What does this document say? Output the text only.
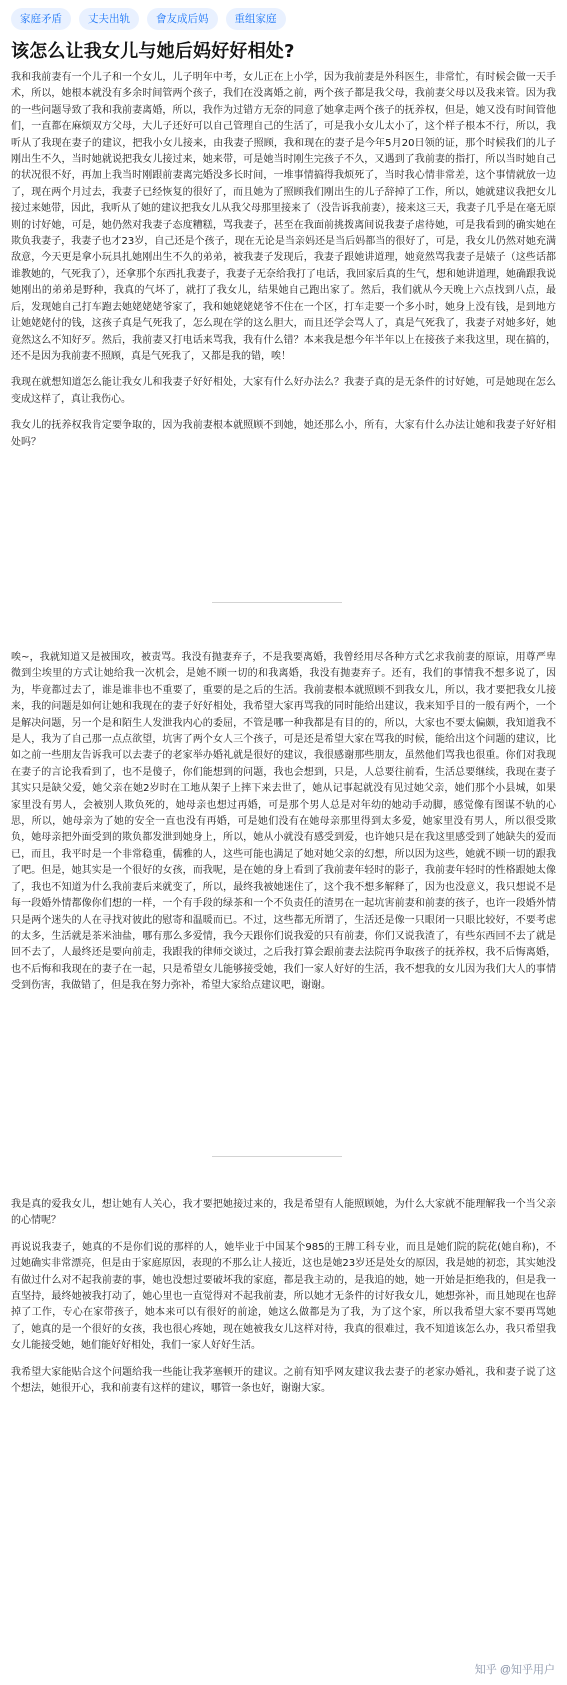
家庭矛盾	丈夫出轨	會友成后妈	重组家庭
该怎么让我女儿与她后妈好好相处?

我和我前妻有一个儿子和一个女儿，儿子明年中考，女儿正在上小学，因为我前妻是外科医生，非常忙，有时候会做一天手术，所以，她根本就没有多余时间管两个孩子，我们在没离婚之前，两个孩子都是我父母，我前妻父母以及我来管。因为我的一些问题导致了我和我前妻离婚，所以，我作为过错方无奈的同意了她拿走两个孩子的抚养权，但是，她又没有时间管他们，一直都在麻烦双方父母，大儿子还好可以自己管理自己的生活了，可是我小女儿太小了，这个样子根本不行，所以，我听从了我现在妻子的建议，把我小女儿接来，由我妻子照顾，我和现在的妻子是今年5月20日领的证，那个时候我们的儿子刚出生不久，当时她就说把我女儿接过来，她来带，可是她当时刚生完孩子不久，又遇到了我前妻的指打，所以当时她自己的状况很不好，再加上我当时刚跟前妻离完婚没多长时间，一堆事情搞得我烦死了，当时我心情非常差，这个事情就放一边了，现在两个月过去，我妻子已经恢复的很好了，而且她为了照顾我们刚出生的儿子辞掉了工作，所以，她就建议我把女儿接过来她带，因此，我听从了她的建议把我女儿从我父母那里接来了（没告诉我前妻），接来这三天，我妻子几乎是在毫无原则的讨好她，可是，她仍然对我妻子态度糟糕，骂我妻子，甚至在我面前挑拨离间说我妻子虐待她，可是我看到的确实她在欺负我妻子，我妻子也才23岁，自己还是个孩子，现在无论是当亲妈还是当后妈都当的很好了，可是，我女儿仍然对她充满敌意，今天更是拿小玩具扎她刚出生不久的弟弟，被我妻子发现后，我妻子跟她讲道理，她竟然骂我妻子是婊子（这些话都谁教她的，气死我了），还拿那个东西扎我妻子，我妻子无奈给我打了电话，我回家后真的生气，想和她讲道理，她确跟我说她刚出的弟弟是野种，我真的气坏了，就打了我女儿，结果她自己跑出家了。然后，我们就从今天晚上六点找到八点，最后，发现她自己打车跑去她姥姥姥爷家了，我和她姥姥姥爷不住在一个区，打车走要一个多小时，她身上没有钱，是到地方让她姥姥付的钱，这孩子真是气死我了，怎么现在学的这么胆大，而且还学会骂人了，真是气死我了，我妻子对她多好，她竟然这么不知好歹。然后，我前妻又打电话来骂我，我有什么错？本来我是想今年半年以上在接孩子来我这里，现在搞的，还不是因为我前妻不照顾，真是气死我了，又都是我的错，唉！

我现在就想知道怎么能让我女儿和我妻子好好相处，大家有什么好办法么？我妻子真的是无条件的讨好她，可是她现在怎么变成这样了，真让我伤心。

我女儿的抚养权我肯定要争取的，因为我前妻根本就照顾不到她，她还那么小，所有，大家有什么办法让她和我妻子好好相处吗？

唉~，我就知道又是被围攻，被责骂。我没有抛妻弃子，不是我要离婚，我曾经用尽各种方式乞求我前妻的原谅，用尊严卑微到尘埃里的方式让她给我一次机会，是她不顾一切的和我离婚，我没有抛妻弃子。还有，我们的事情我不想多说了，因为，毕竟都过去了，谁是谁非也不重要了，重要的是之后的生活。我前妻根本就照顾不到我女儿，所以，我才要把我女儿接来，我的问题是如何让她和我现在的妻子好好相处，我希望大家再骂我的同时能给出建议，我来知乎目的一般有两个，一个是解决问题，另一个是和陌生人发泄我内心的委屈，不管是哪一种我都是有目的的，所以，大家也不要太偏颇，我知道我不是人，我为了自己那一点点欲望，坑害了两个女人三个孩子，可是还是希望大家在骂我的时候，能给出这个问题的建议，比如之前一些朋友告诉我可以去妻子的老家举办婚礼就是很好的建议，我很感谢那些朋友，虽然他们骂我也很重。你们对我现在妻子的言论我看到了，也不是傻子，你们能想到的问题，我也会想到，只是，人总要往前看，生活总要继续，我现在妻子其实只是缺父爱，她父亲在她2岁时在工地从架子上摔下来去世了，她从记事起就没有见过她父亲，她们那个小县城，如果家里没有男人，会被别人欺负死的，她母亲也想过再婚，可是那个男人总是对年幼的她动手动脚，感觉像有图谋不轨的心思，所以，她母亲为了她的安全一直也没有再婚，可是她们没有在她母亲那里得到太多爱，她家里没有男人，所以很受欺负，她母亲把外面受到的欺负都发泄到她身上，所以，她从小就没有感受到爱，也许她只是在我这里感受到了她缺失的爱而已，而且，我平时是一个非常稳重，儒雅的人，这些可能也满足了她对她父亲的幻想，所以因为这些，她就不顾一切的跟我了吧。但是，她其实是一个很好的女孩，而我呢，是在她的身上看到了我前妻年轻时的影子，我前妻年轻时的性格跟她太像了，我也不知道为什么我前妻后来就变了，所以，最终我被她迷住了，这个我不想多解释了，因为也没意义，我只想说不是每一段婚外情都像你们想的一样，一个有手段的绿茶和一个不负责任的渣男在一起坑害前妻和前妻的孩子，也许一段婚外情只是两个迷失的人在寻找对彼此的慰寄和温暖而已。不过，这些都无所谓了，生活还是像一只眼闭一只眼比较好，不要考虑的太多，生活就是茶米油盐，哪有那么多爱情，我今天跟你们说我爱的只有前妻，你们又说我渣了，有些东西回不去了就是回不去了，人最终还是要向前走，我跟我的律师交谈过，之后我打算会跟前妻去法院再争取孩子的抚养权，我不后悔离婚，也不后悔和我现在的妻子在一起，只是希望女儿能够接受她，我们一家人好好的生活，我不想我的女儿因为我们大人的事情受到伤害，我做错了，但是我在努力弥补，希望大家给点建议吧，谢谢。

我是真的爱我女儿，想让她有人关心，我才要把她接过来的，我是希望有人能照顾她，为什么大家就不能理解我一个当父亲的心情呢？

再说说我妻子，她真的不是你们说的那样的人，她毕业于中国某个985的王牌工科专业，而且是她们院的院花(她自称)，不过她确实非常漂亮，但是由于家庭原因，表现的不那么让人接近，这也是她23岁还是处女的原因，我是她的初恋，其实她没有做过什么对不起我前妻的事，她也没想过要破坏我的家庭，都是我主动的，是我追的她，她一开始是拒绝我的，但是我一直坚持，最终她被我打动了，她心里也一直觉得对不起我前妻，所以她才无条件的讨好我女儿，她想弥补，而且她现在也辞掉了工作，专心在家带孩子，她本来可以有很好的前途，她这么做都是为了我，为了这个家，所以我希望大家不要再骂她了，她真的是一个很好的女孩，我也很心疼她，现在她被我女儿这样对待，我真的很难过，我不知道该怎么办，我只希望我女儿能接受她，她们能好好相处，我们一家人好好生活。

我希望大家能贴合这个问题给我一些能让我茅塞顿开的建议。之前有知乎网友建议我去妻子的老家办婚礼，我和妻子说了这个想法，她很开心，我和前妻有这样的建议，哪管一条也好，谢谢大家。

知乎 @知乎用户
